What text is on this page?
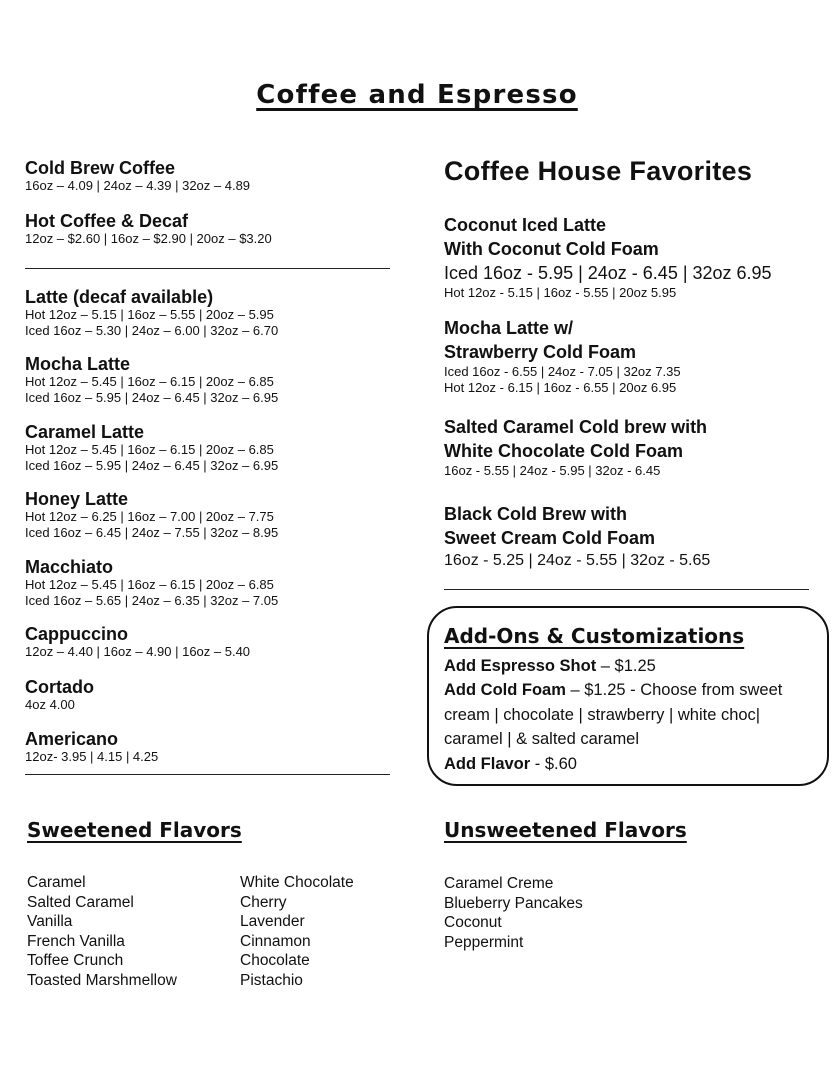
Coffee and Espresso
Cold Brew Coffee
16oz – 4.09 | 24oz – 4.39 | 32oz – 4.89
Hot Coffee & Decaf
12oz – $2.60 | 16oz – $2.90 | 20oz – $3.20
Latte (decaf available)
Hot 12oz – 5.15 | 16oz – 5.55 | 20oz – 5.95
Iced 16oz – 5.30 | 24oz – 6.00 | 32oz – 6.70
Mocha Latte
Hot 12oz – 5.45 | 16oz – 6.15 | 20oz – 6.85
Iced 16oz – 5.95 | 24oz – 6.45 | 32oz – 6.95
Caramel Latte
Hot 12oz – 5.45 | 16oz – 6.15 | 20oz – 6.85
Iced 16oz – 5.95 | 24oz – 6.45 | 32oz – 6.95
Honey Latte
Hot 12oz – 6.25 | 16oz – 7.00 | 20oz – 7.75
Iced 16oz – 6.45 | 24oz – 7.55 | 32oz – 8.95
Macchiato
Hot 12oz – 5.45 | 16oz – 6.15 | 20oz – 6.85
Iced 16oz – 5.65 | 24oz – 6.35 | 32oz – 7.05
Cappuccino
12oz – 4.40 | 16oz – 4.90 | 16oz – 5.40
Cortado
4oz 4.00
Americano
12oz- 3.95 | 4.15 | 4.25
Coffee House Favorites
Coconut Iced Latte
With Coconut Cold Foam
Iced 16oz - 5.95 | 24oz - 6.45 | 32oz 6.95
Hot 12oz - 5.15 | 16oz - 5.55 | 20oz 5.95
Mocha Latte w/
Strawberry Cold Foam
Iced 16oz - 6.55 | 24oz - 7.05 | 32oz 7.35
Hot 12oz - 6.15 | 16oz - 6.55 | 20oz 6.95
Salted Caramel Cold brew with
White Chocolate Cold Foam
16oz - 5.55 | 24oz - 5.95 | 32oz - 6.45
Black Cold Brew with
Sweet Cream Cold Foam
16oz - 5.25 | 24oz - 5.55 | 32oz - 5.65
Add-Ons & Customizations
Add Espresso Shot – $1.25
Add Cold Foam – $1.25 - Choose from sweet
cream | chocolate | strawberry | white choc|
caramel | & salted caramel
Add Flavor - $.60
Sweetened Flavors
Caramel
Salted Caramel
Vanilla
French Vanilla
Toffee Crunch
Toasted Marshmellow
White Chocolate
Cherry
Lavender
Cinnamon
Chocolate
Pistachio
Unsweetened Flavors
Caramel Creme
Blueberry Pancakes
Coconut
Peppermint
